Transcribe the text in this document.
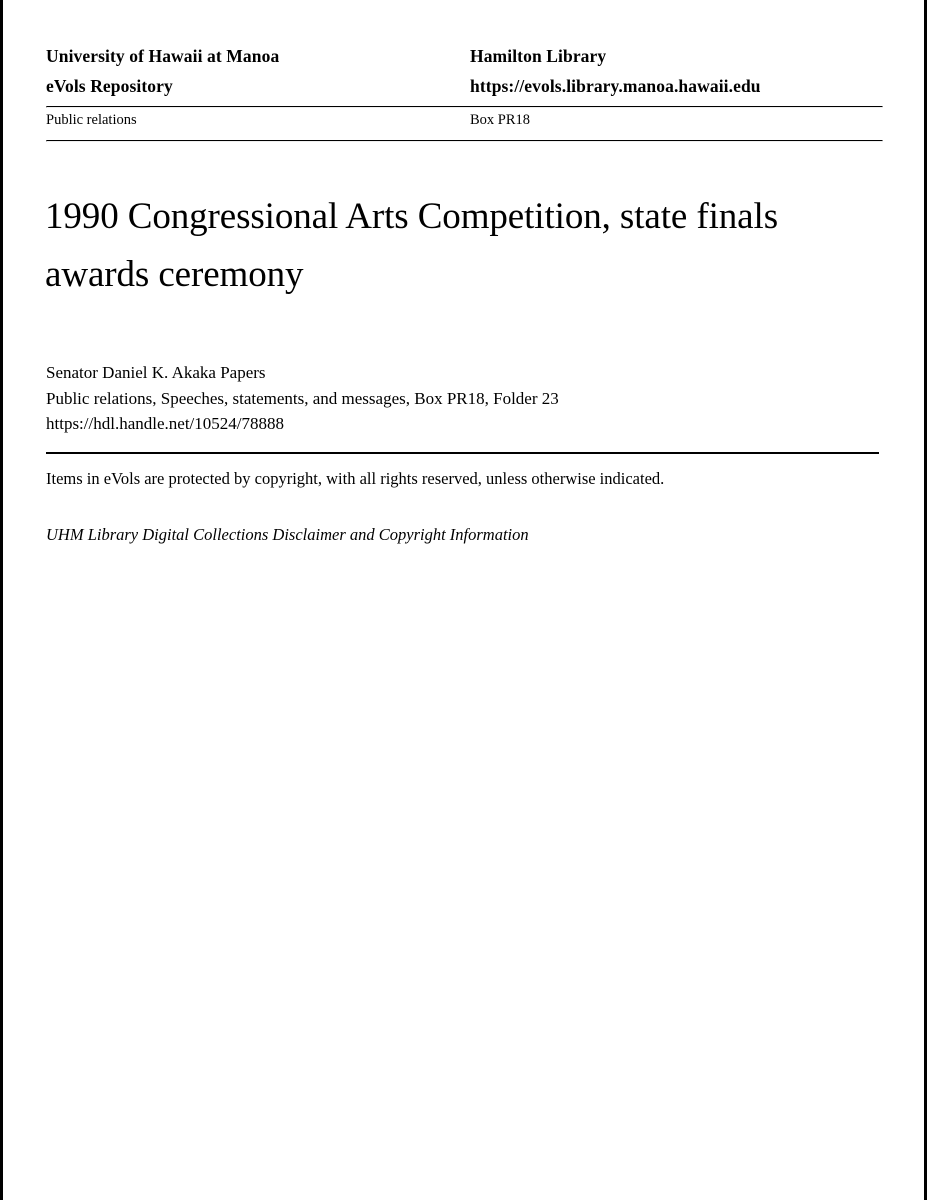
University of Hawaii at Manoa	Hamilton Library
eVols Repository	https://evols.library.manoa.hawaii.edu
Public relations	Box PR18
1990 Congressional Arts Competition, state finals awards ceremony
Senator Daniel K. Akaka Papers
Public relations, Speeches, statements, and messages, Box PR18, Folder 23
https://hdl.handle.net/10524/78888
Items in eVols are protected by copyright, with all rights reserved, unless otherwise indicated.
UHM Library Digital Collections Disclaimer and Copyright Information
